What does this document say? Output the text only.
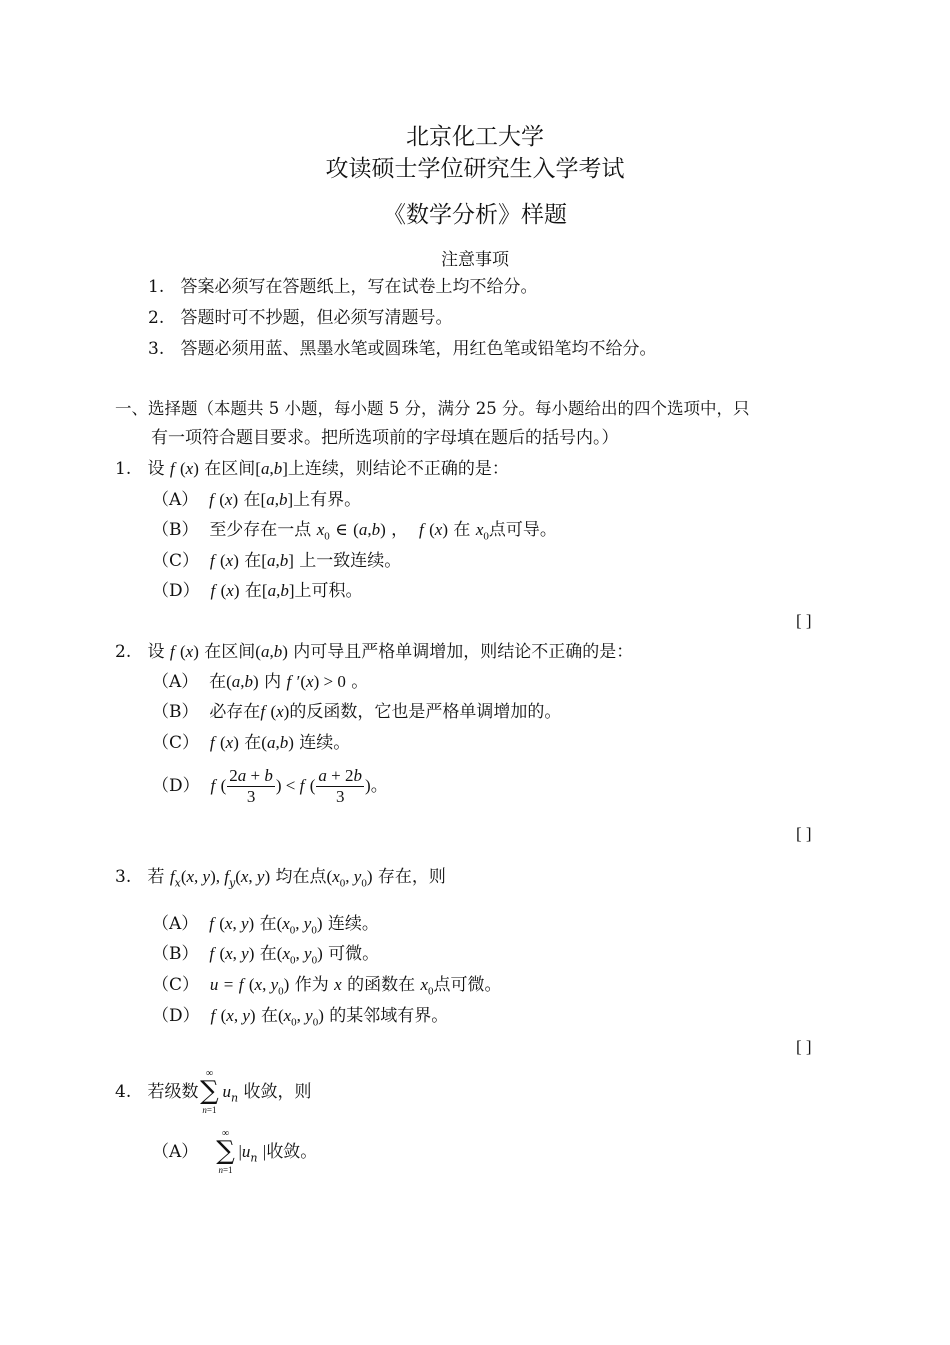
北京化工大学
攻读硕士学位研究生入学考试
《数学分析》样题
注意事项
1. 答案必须写在答题纸上，写在试卷上均不给分。
2. 答题时可不抄题，但必须写清题号。
3. 答题必须用蓝、黑墨水笔或圆珠笔，用红色笔或铅笔均不给分。
一、选择题（本题共 5 小题，每小题 5 分，满分 25 分。每小题给出的四个选项中，只
有一项符合题目要求。把所选项前的字母填在题后的括号内。）
1. 设 f (x) 在区间[a,b]上连续，则结论不正确的是：
（A） f (x) 在[a,b]上有界。
（B） 至少存在一点 $x_0$ ∈ (a,b) ， f (x) 在 $x_0$点可导。
（C） f (x) 在[a,b] 上一致连续。
（D） f (x) 在[a,b]上可积。
[ ]
2. 设 f (x) 在区间(a,b) 内可导且严格单调增加，则结论不正确的是：
（A） 在(a,b) 内 f ′(x) > 0 。
（B） 必存在f (x)的反函数，它也是严格单调增加的。
（C） f (x) 在(a,b) 连续。
（D） f ( $\frac{2a + b}{3}$ ) < f ( $\frac{a + 2b}{3}$ )。
[ ]
3. 若 $f_x(x$, y), $f_y(x$, y) 均在点($x_0$, $y_0$) 存在，则
（A） f (x, y) 在($x_0$, $y_0$) 连续。
（B） f (x, y) 在($x_0$, $y_0$) 可微。
（C） u = f (x, $y_0$) 作为 x 的函数在 $x_0$点可微。
（D） f (x, y) 在($x_0$, $y_0$) 的某邻域有界。
[ ]
4. 若级数
∞
∑
n=1
$u_n$ 收敛，则
（A）
∞
∑
n=1
$|u_n$ |收敛。
